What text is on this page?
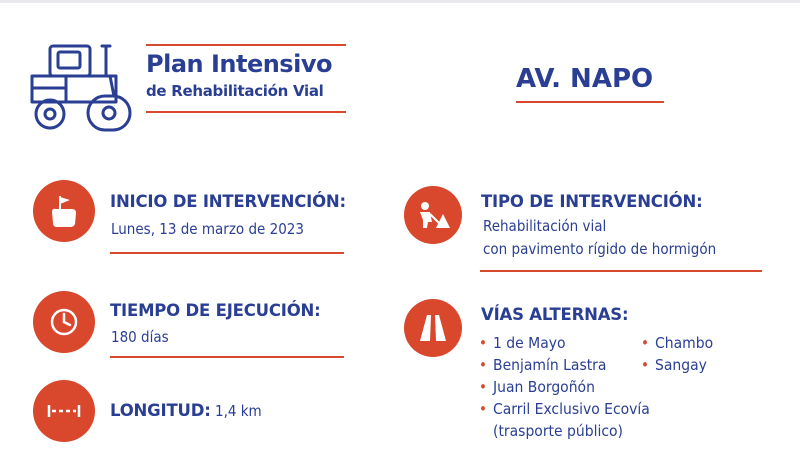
Plan Intensivo
de Rehabilitación Vial	AV. NAPO
INICIO DE INTERVENCIÓN:
Lunes, 13 de marzo de 2023
TIEMPO DE EJECUCIÓN:
180 días
LONGITUD: 1,4 km
TIPO DE INTERVENCIÓN:
Rehabilitación vial
con pavimento rígido de hormigón
VÍAS ALTERNAS:
• 1 de Mayo
• Benjamín Lastra
• Juan Borgoñón
• Carril Exclusivo Ecovía
(trasporte público)
• Chambo
• Sangay
